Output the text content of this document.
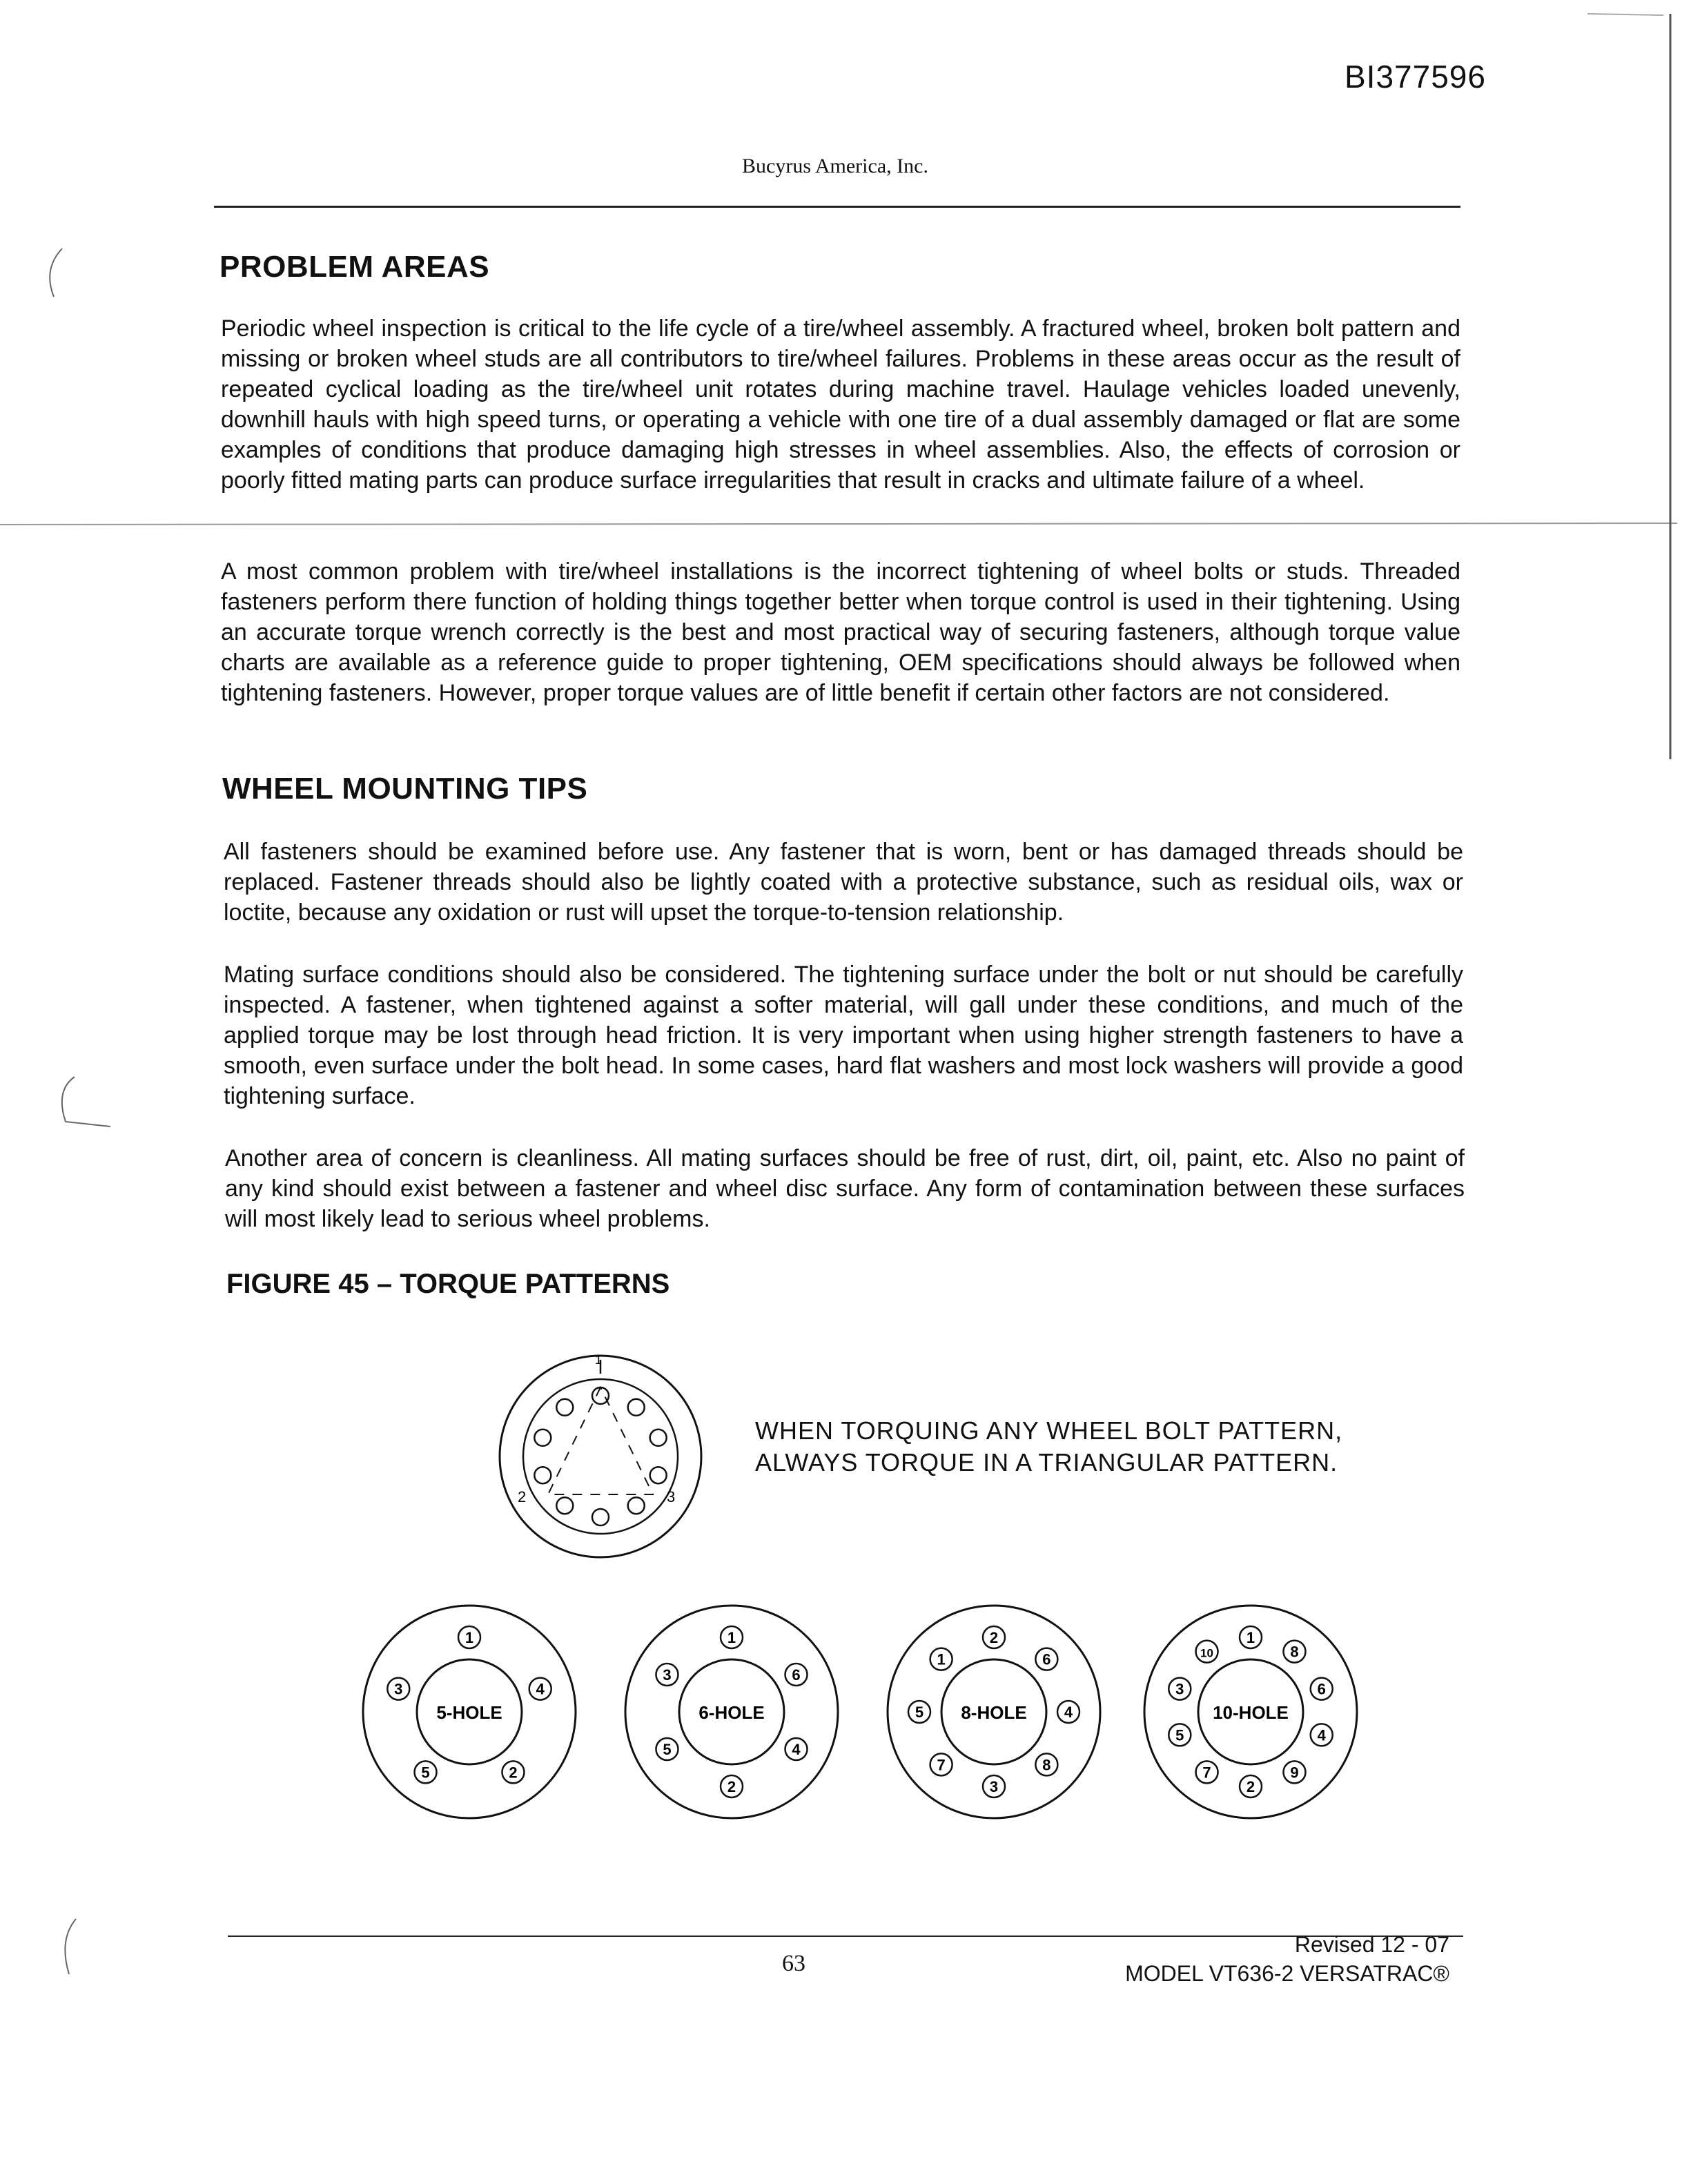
BI377596
Bucyrus America, Inc.
PROBLEM AREAS
Periodic wheel inspection is critical to the life cycle of a tire/wheel assembly. A fractured wheel, broken bolt pattern and missing or broken wheel studs are all contributors to tire/wheel failures. Problems in these areas occur as the result of repeated cyclical loading as the tire/wheel unit rotates during machine travel. Haulage vehicles loaded unevenly, downhill hauls with high speed turns, or operating a vehicle with one tire of a dual assembly damaged or flat are some examples of conditions that produce damaging high stresses in wheel assemblies. Also, the effects of corrosion or poorly fitted mating parts can produce surface irregularities that result in cracks and ultimate failure of a wheel.
A most common problem with tire/wheel installations is the incorrect tightening of wheel bolts or studs. Threaded fasteners perform there function of holding things together better when torque control is used in their tightening. Using an accurate torque wrench correctly is the best and most practical way of securing fasteners, although torque value charts are available as a reference guide to proper tightening, OEM specifications should always be followed when tightening fasteners. However, proper torque values are of little benefit if certain other factors are not considered.
WHEEL MOUNTING TIPS
All fasteners should be examined before use. Any fastener that is worn, bent or has damaged threads should be replaced. Fastener threads should also be lightly coated with a protective substance, such as residual oils, wax or loctite, because any oxidation or rust will upset the torque-to-tension relationship.
Mating surface conditions should also be considered. The tightening surface under the bolt or nut should be carefully inspected. A fastener, when tightened against a softer material, will gall under these conditions, and much of the applied torque may be lost through head friction. It is very important when using higher strength fasteners to have a smooth, even surface under the bolt head. In some cases, hard flat washers and most lock washers will provide a good tightening surface.
Another area of concern is cleanliness. All mating surfaces should be free of rust, dirt, oil, paint, etc. Also no paint of any kind should exist between a fastener and wheel disc surface. Any form of contamination between these surfaces will most likely lead to serious wheel problems.
FIGURE 45 – TORQUE PATTERNS
1
2	3
WHEN TORQUING ANY WHEEL BOLT PATTERN,
ALWAYS TORQUE IN A TRIANGULAR PATTERN.
5-HOLE
1
4
2
5
3
6-HOLE
1
6
4
2
5
3
8-HOLE
2
6
4
8
3
7
5
1
10-HOLE
1
8
6
4
9
2
7
5
3
10
63
Revised 12 - 07
MODEL VT636-2 VERSATRAC®
